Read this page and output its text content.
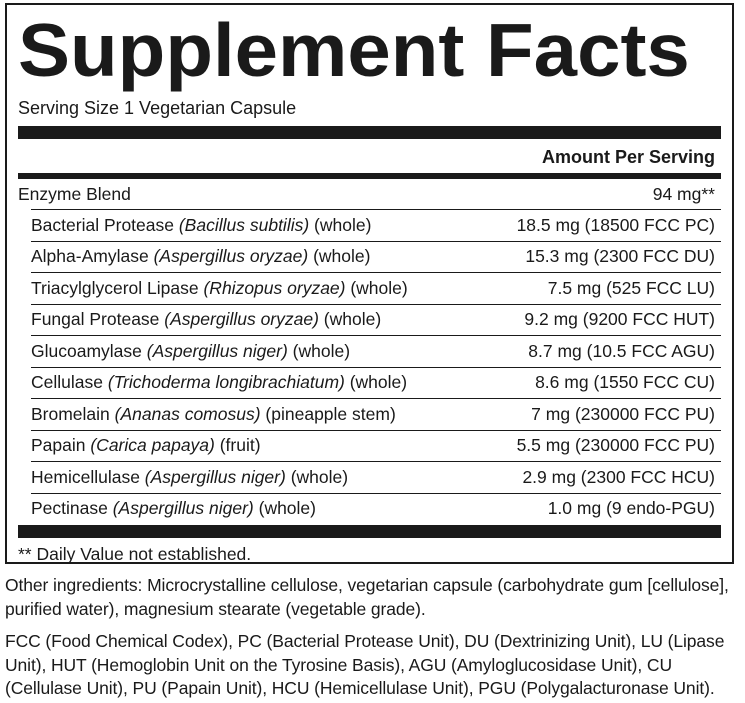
Supplement Facts
Serving Size 1 Vegetarian Capsule
Amount Per Serving
Enzyme Blend	94 mg**
Bacterial Protease (Bacillus subtilis) (whole)	18.5 mg (18500 FCC PC)
Alpha-Amylase (Aspergillus oryzae) (whole)	15.3 mg (2300 FCC DU)
Triacylglycerol Lipase (Rhizopus oryzae) (whole)	7.5 mg (525 FCC LU)
Fungal Protease (Aspergillus oryzae) (whole)	9.2 mg (9200 FCC HUT)
Glucoamylase (Aspergillus niger) (whole)	8.7 mg (10.5 FCC AGU)
Cellulase (Trichoderma longibrachiatum) (whole)	8.6 mg (1550 FCC CU)
Bromelain (Ananas comosus) (pineapple stem)	7 mg (230000 FCC PU)
Papain (Carica papaya) (fruit)	5.5 mg (230000 FCC PU)
Hemicellulase (Aspergillus niger) (whole)	2.9 mg (2300 FCC HCU)
Pectinase (Aspergillus niger) (whole)	1.0 mg (9 endo-PGU)
** Daily Value not established.
Other ingredients: Microcrystalline cellulose, vegetarian capsule (carbohydrate gum [cellulose], purified water), magnesium stearate (vegetable grade).
FCC (Food Chemical Codex), PC (Bacterial Protease Unit), DU (Dextrinizing Unit), LU (Lipase Unit), HUT (Hemoglobin Unit on the Tyrosine Basis), AGU (Amyloglucosidase Unit), CU (Cellulase Unit), PU (Papain Unit), HCU (Hemicellulase Unit), PGU (Polygalacturonase Unit).
